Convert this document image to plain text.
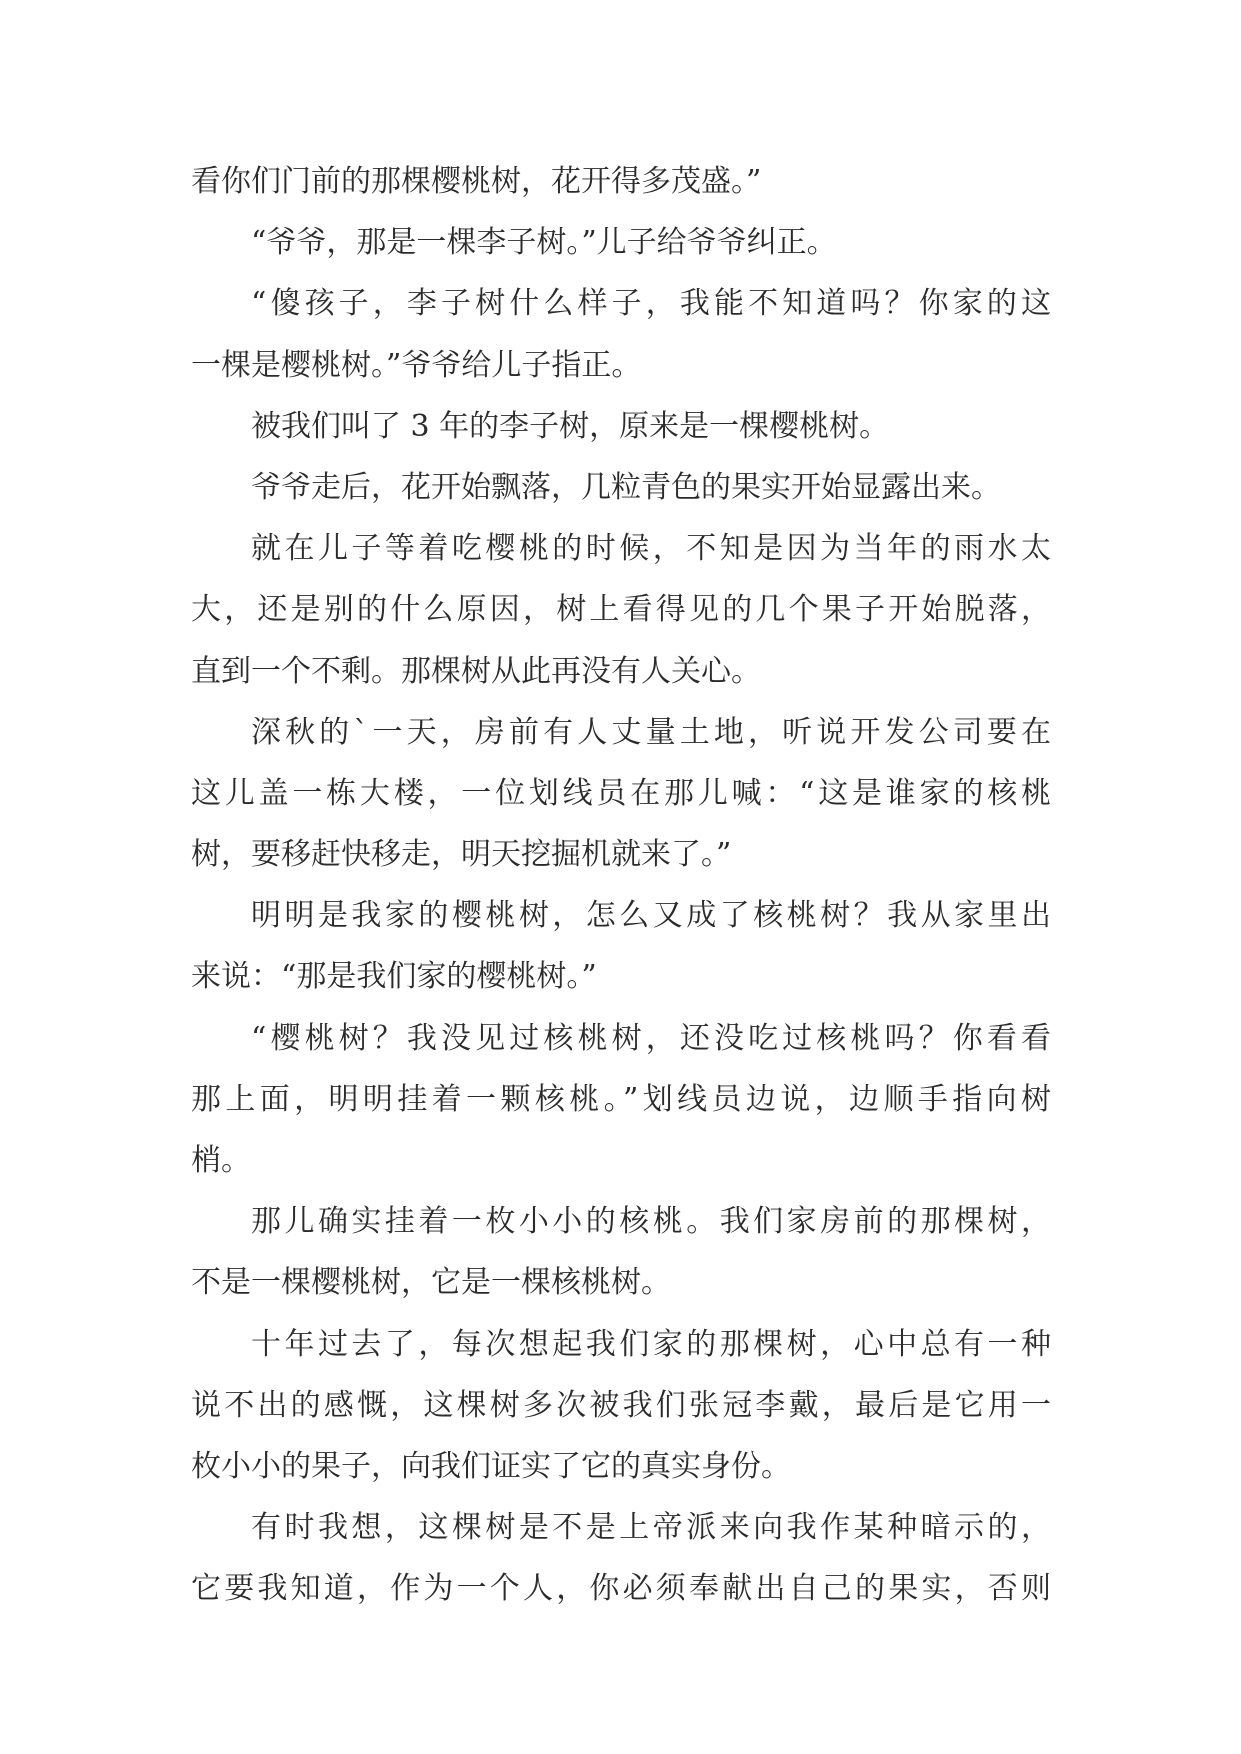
看你们门前的那棵樱桃树，花开得多茂盛。”
“爷爷，那是一棵李子树。”儿子给爷爷纠正。
“傻孩子，李子树什么样子，我能不知道吗？你家的这
一棵是樱桃树。”爷爷给儿子指正。
被我们叫了 3 年的李子树，原来是一棵樱桃树。
爷爷走后，花开始飘落，几粒青色的果实开始显露出来。
就在儿子等着吃樱桃的时候，不知是因为当年的雨水太
大，还是别的什么原因，树上看得见的几个果子开始脱落，
直到一个不剩。那棵树从此再没有人关心。
深秋的`一天，房前有人丈量土地，听说开发公司要在
这儿盖一栋大楼，一位划线员在那儿喊：“这是谁家的核桃
树，要移赶快移走，明天挖掘机就来了。”
明明是我家的樱桃树，怎么又成了核桃树？我从家里出
来说：“那是我们家的樱桃树。”
“樱桃树？我没见过核桃树，还没吃过核桃吗？你看看
那上面，明明挂着一颗核桃。”划线员边说，边顺手指向树
梢。
那儿确实挂着一枚小小的核桃。我们家房前的那棵树，
不是一棵樱桃树，它是一棵核桃树。
十年过去了，每次想起我们家的那棵树，心中总有一种
说不出的感慨，这棵树多次被我们张冠李戴，最后是它用一
枚小小的果子，向我们证实了它的真实身份。
有时我想，这棵树是不是上帝派来向我作某种暗示的，
它要我知道，作为一个人，你必须奉献出自己的果实，否则
